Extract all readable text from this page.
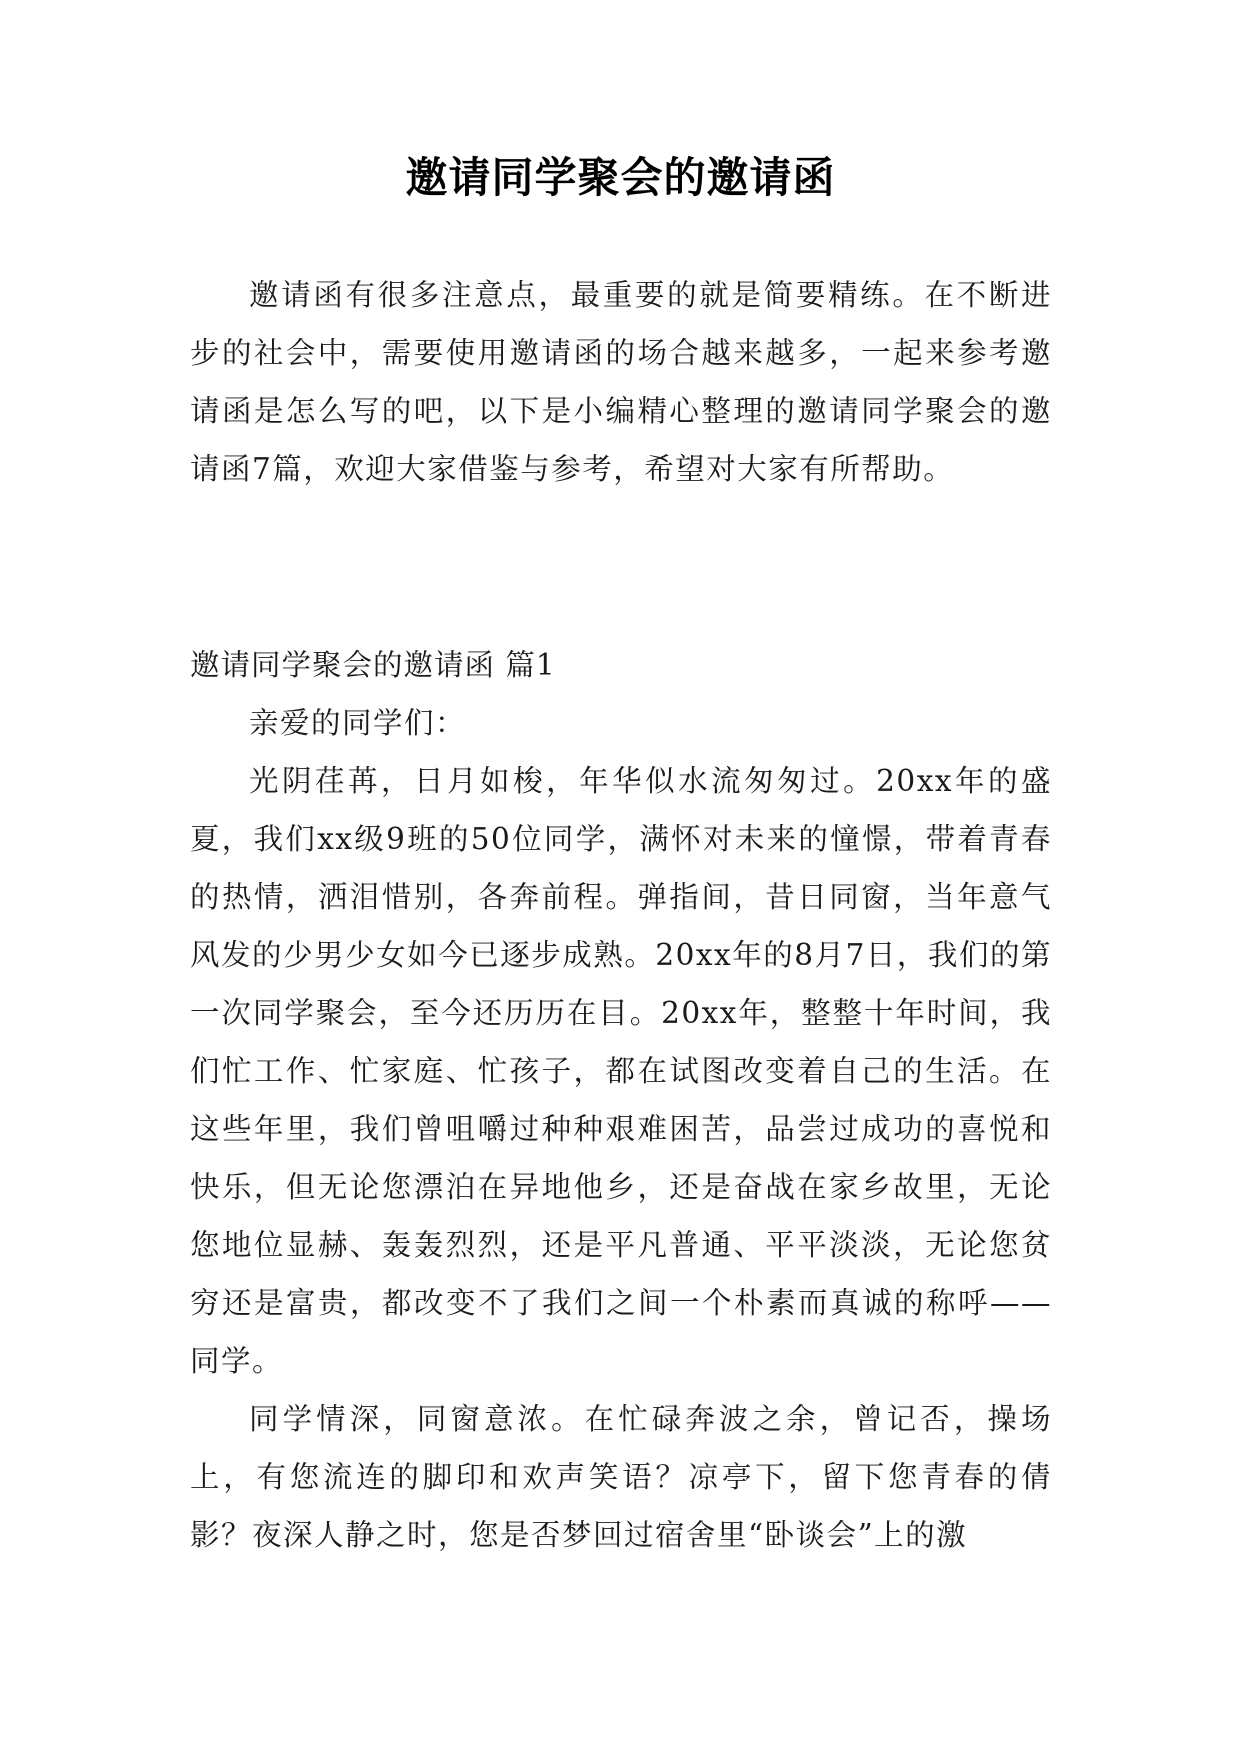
邀请同学聚会的邀请函

邀请函有很多注意点，最重要的就是简要精练。在不断进步的社会中，需要使用邀请函的场合越来越多，一起来参考邀请函是怎么写的吧，以下是小编精心整理的邀请同学聚会的邀请函7篇，欢迎大家借鉴与参考，希望对大家有所帮助。

邀请同学聚会的邀请函 篇1

亲爱的同学们：

光阴荏苒，日月如梭，年华似水流匆匆过。20xx年的盛夏，我们xx级9班的50位同学，满怀对未来的憧憬，带着青春的热情，洒泪惜别，各奔前程。弹指间，昔日同窗，当年意气风发的少男少女如今已逐步成熟。20xx年的8月7日，我们的第一次同学聚会，至今还历历在目。20xx年，整整十年时间，我们忙工作、忙家庭、忙孩子，都在试图改变着自己的生活。在这些年里，我们曾咀嚼过种种艰难困苦，品尝过成功的喜悦和快乐，但无论您漂泊在异地他乡，还是奋战在家乡故里，无论您地位显赫、轰轰烈烈，还是平凡普通、平平淡淡，无论您贫穷还是富贵，都改变不了我们之间一个朴素而真诚的称呼——同学。

同学情深，同窗意浓。在忙碌奔波之余，曾记否，操场上，有您流连的脚印和欢声笑语？凉亭下，留下您青春的倩影？夜深人静之时，您是否梦回过宿舍里“卧谈会”上的激
